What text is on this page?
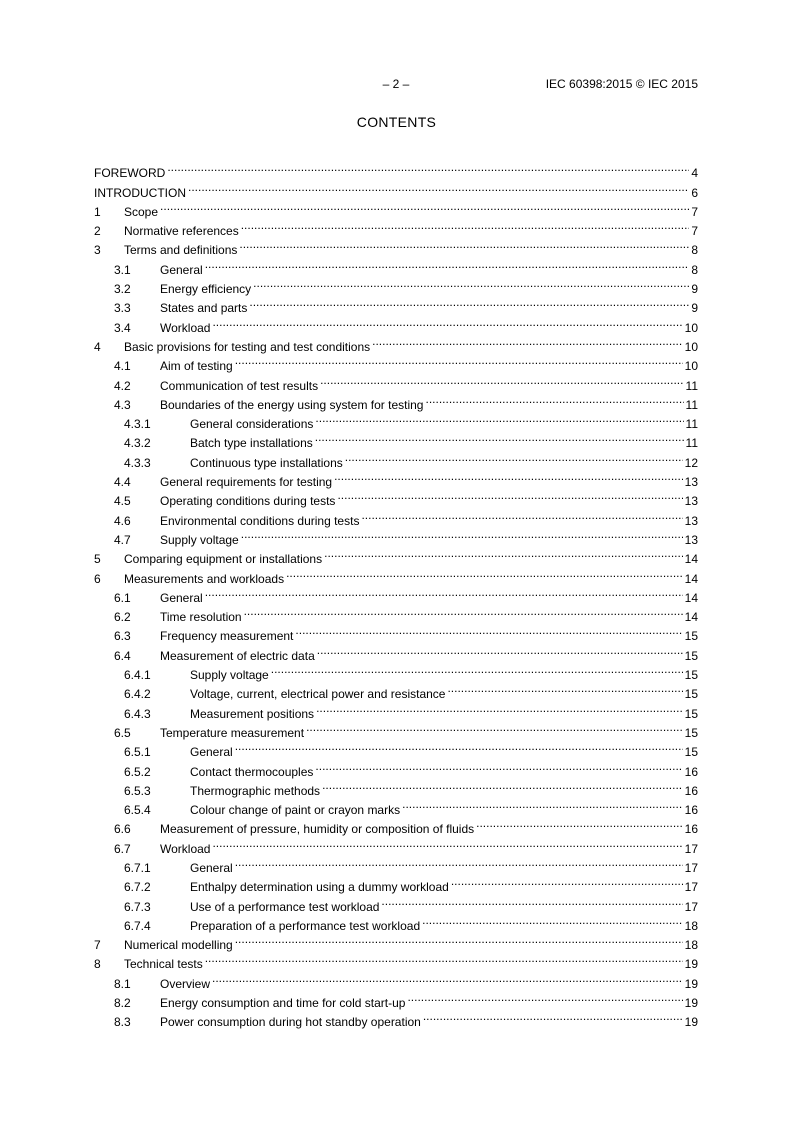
– 2 –	IEC 60398:2015 © IEC 2015
CONTENTS
FOREWORD .....	4
INTRODUCTION .....	6
1	Scope .....	7
2	Normative references .....	7
3	Terms and definitions .....	8
3.1	General .....	8
3.2	Energy efficiency .....	9
3.3	States and parts .....	9
3.4	Workload .....	10
4	Basic provisions for testing and test conditions .....	10
4.1	Aim of testing .....	10
4.2	Communication of test results .....	11
4.3	Boundaries of the energy using system for testing .....	11
4.3.1	General considerations .....	11
4.3.2	Batch type installations .....	11
4.3.3	Continuous type installations .....	12
4.4	General requirements for testing .....	13
4.5	Operating conditions during tests .....	13
4.6	Environmental conditions during tests .....	13
4.7	Supply voltage .....	13
5	Comparing equipment or installations .....	14
6	Measurements and workloads .....	14
6.1	General .....	14
6.2	Time resolution .....	14
6.3	Frequency measurement .....	15
6.4	Measurement of electric data .....	15
6.4.1	Supply voltage .....	15
6.4.2	Voltage, current, electrical power and resistance .....	15
6.4.3	Measurement positions .....	15
6.5	Temperature measurement .....	15
6.5.1	General .....	15
6.5.2	Contact thermocouples .....	16
6.5.3	Thermographic methods .....	16
6.5.4	Colour change of paint or crayon marks .....	16
6.6	Measurement of pressure, humidity or composition of fluids .....	16
6.7	Workload .....	17
6.7.1	General .....	17
6.7.2	Enthalpy determination using a dummy workload .....	17
6.7.3	Use of a performance test workload .....	17
6.7.4	Preparation of a performance test workload .....	18
7	Numerical modelling .....	18
8	Technical tests .....	19
8.1	Overview .....	19
8.2	Energy consumption and time for cold start-up .....	19
8.3	Power consumption during hot standby operation .....	19
